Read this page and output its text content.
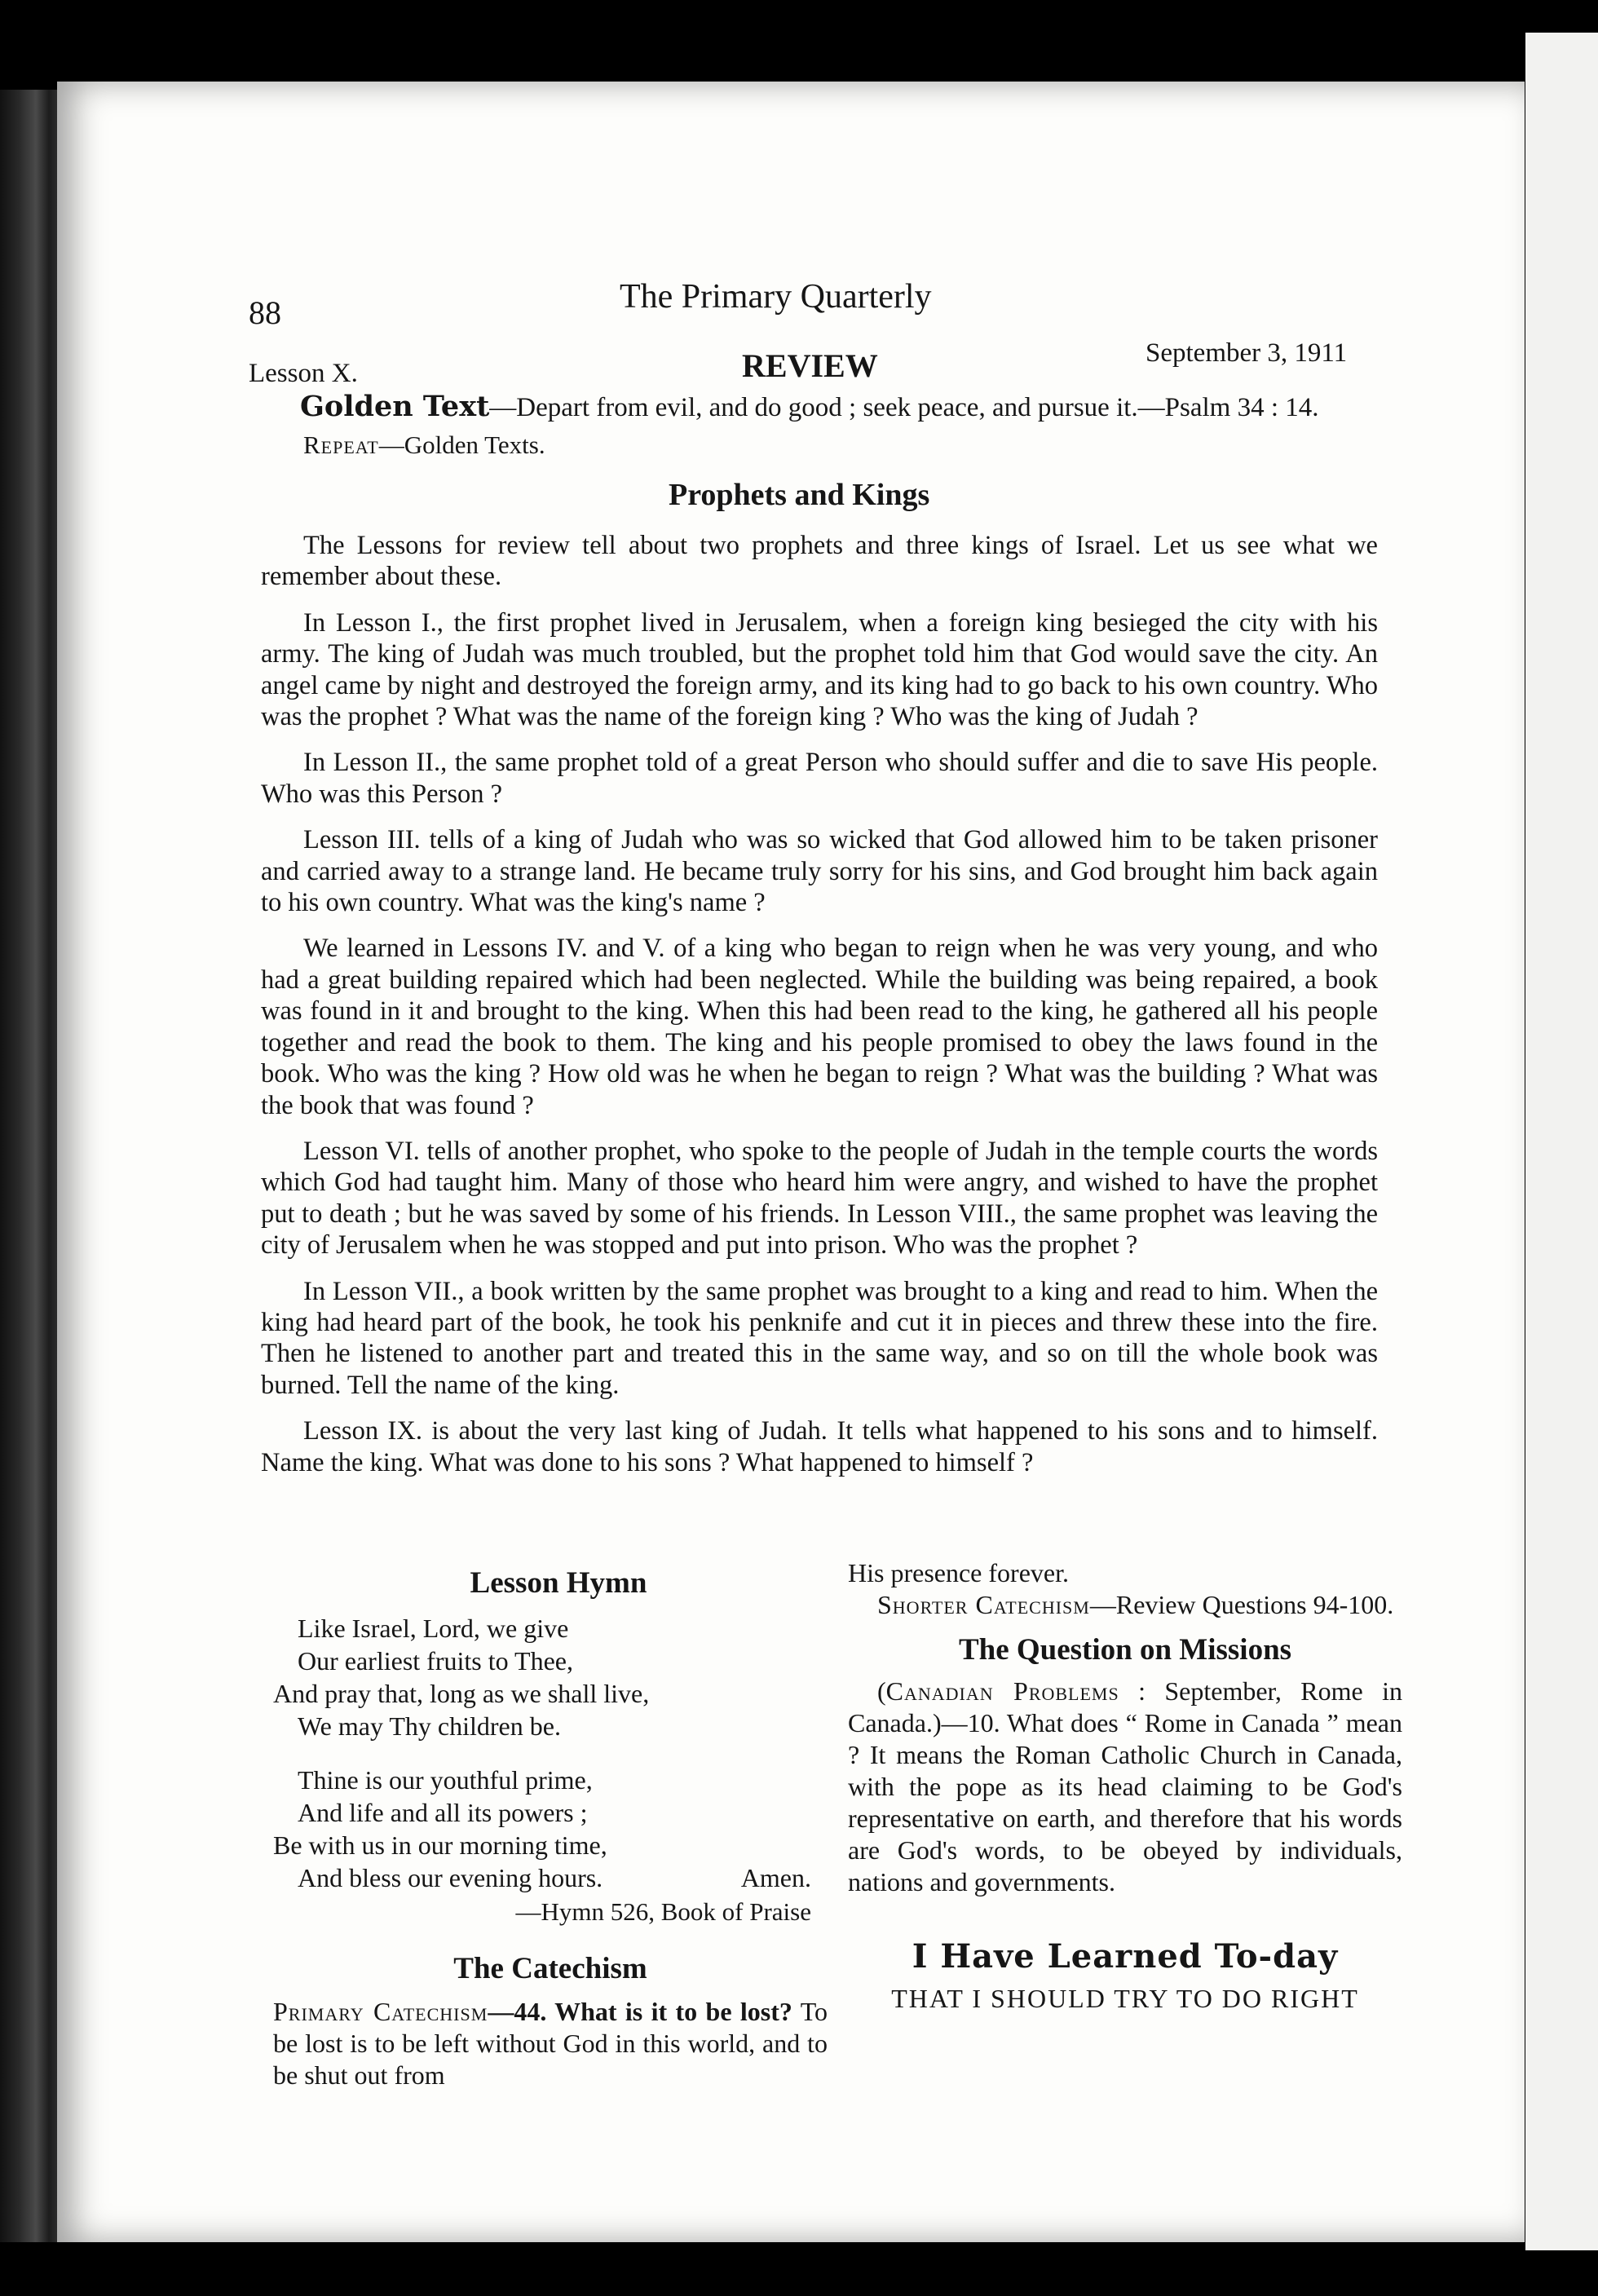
88	The Primary Quarterly
Lesson X.	REVIEW	September 3, 1911
Golden Text—Depart from evil, and do good ; seek peace, and pursue it.—Psalm 34 : 14.
Repeat—Golden Texts.
Prophets and Kings

The Lessons for review tell about two prophets and three kings of Israel. Let us see what we remember about these.

In Lesson I., the first prophet lived in Jerusalem, when a foreign king besieged the city with his army. The king of Judah was much troubled, but the prophet told him that God would save the city. An angel came by night and destroyed the foreign army, and its king had to go back to his own country. Who was the prophet ? What was the name of the foreign king ? Who was the king of Judah ?

In Lesson II., the same prophet told of a great Person who should suffer and die to save His people. Who was this Person ?

Lesson III. tells of a king of Judah who was so wicked that God allowed him to be taken prisoner and carried away to a strange land. He became truly sorry for his sins, and God brought him back again to his own country. What was the king's name ?

We learned in Lessons IV. and V. of a king who began to reign when he was very young, and who had a great building repaired which had been neglected. While the building was being repaired, a book was found in it and brought to the king. When this had been read to the king, he gathered all his people together and read the book to them. The king and his people promised to obey the laws found in the book. Who was the king ? How old was he when he began to reign ? What was the building ? What was the book that was found ?

Lesson VI. tells of another prophet, who spoke to the people of Judah in the temple courts the words which God had taught him. Many of those who heard him were angry, and wished to have the prophet put to death ; but he was saved by some of his friends. In Lesson VIII., the same prophet was leaving the city of Jerusalem when he was stopped and put into prison. Who was the prophet ?

In Lesson VII., a book written by the same prophet was brought to a king and read to him. When the king had heard part of the book, he took his penknife and cut it in pieces and threw these into the fire. Then he listened to another part and treated this in the same way, and so on till the whole book was burned. Tell the name of the king.

Lesson IX. is about the very last king of Judah. It tells what happened to his sons and to himself. Name the king. What was done to his sons ? What happened to himself ?

Lesson Hymn
Like Israel, Lord, we give
Our earliest fruits to Thee,
And pray that, long as we shall live,
We may Thy children be.
Thine is our youthful prime,
And life and all its powers ;
Be with us in our morning time,
And bless our evening hours.	Amen.
—Hymn 526, Book of Praise
The Catechism

Primary Catechism—44. What is it to be lost? To be lost is to be left without God in this world, and to be shut out from

His presence forever.

Shorter Catechism—Review Questions 94-100.

The Question on Missions

(Canadian Problems : September, Rome in Canada.)—10. What does “ Rome in Canada ” mean ? It means the Roman Catholic Church in Canada, with the pope as its head claiming to be God's representative on earth, and therefore that his words are God's words, to be obeyed by individuals, nations and governments.

I Have Learned To-day

THAT I SHOULD TRY TO DO RIGHT
